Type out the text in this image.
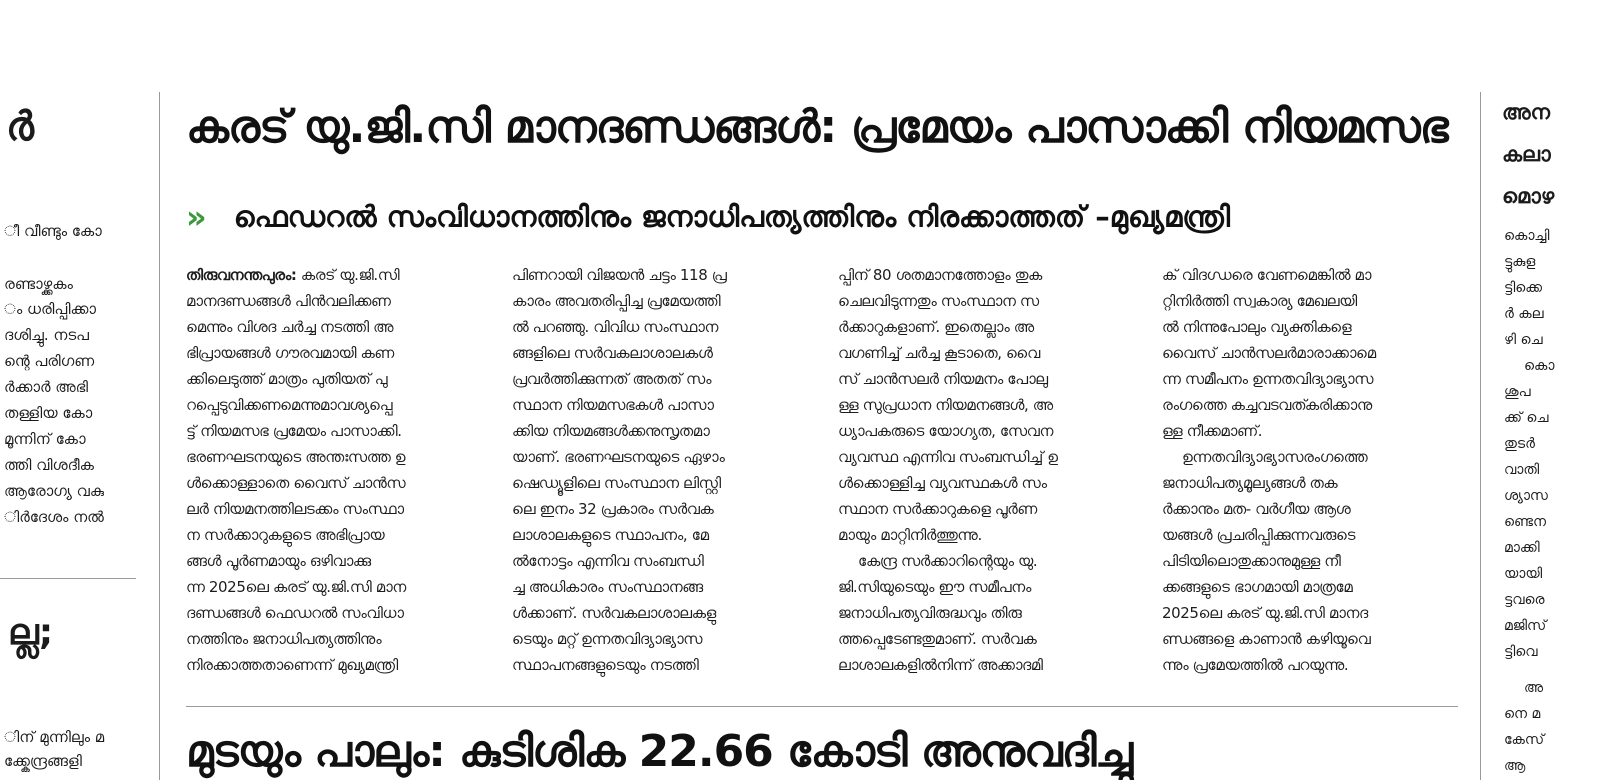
ർ
ീ വീണ്ടും കോ
രണ്ടാഴ്ക്കകം
ം ധരിപ്പിക്കാ
ദശിച്ചു. നടപ
ന്റെ പരിഗണ
ർക്കാർ അഭി
തള്ളിയ കോ
മൂന്നിന് കോ
ത്തി വിശദീക
ആരോഗ്യ വകു
ിർദേശം നൽ
ല്ല;
ിന് മുന്നിലും മ
ക്ക്കേന്ദ്രങ്ങളി
കരട് യു.ജി.സി മാനദണ്ഡങ്ങൾ: പ്രമേയം പാസാക്കി നിയമസഭ
» ഫെഡറൽ സംവിധാനത്തിനും ജനാധിപത്യത്തിനും നിരക്കാത്തത് –മുഖ്യമന്ത്രി
തിരുവനന്തപുരം: കരട് യു.ജി.സി
മാനദണ്ഡങ്ങൾ പിൻവലിക്കണ
മെന്നും വിശദ ചർച്ച നടത്തി അ
ഭിപ്രായങ്ങൾ ഗൗരവമായി കണ
ക്കിലെടുത്ത് മാത്രം പുതിയത് പു
റപ്പെടുവിക്കണമെന്നുമാവശ്യപ്പെ
ട്ട് നിയമസഭ പ്രമേയം പാസാക്കി.
ഭരണഘടനയുടെ അന്തഃസത്ത ഉ
ൾക്കൊള്ളാതെ വൈസ് ചാൻസ
ലർ നിയമനത്തിലടക്കം സംസ്ഥാ
ന സർക്കാറുകളുടെ അഭിപ്രായ
ങ്ങൾ പൂർണമായും ഒഴിവാക്കു
ന്ന 2025ലെ കരട് യു.ജി.സി മാന
ദണ്ഡങ്ങൾ ഫെഡറൽ സംവിധാ
നത്തിനും ജനാധിപത്യത്തിനും
നിരക്കാത്തതാണെന്ന് മുഖ്യമന്ത്രി
പിണറായി വിജയൻ ചട്ടം 118 പ്ര
കാരം അവതരിപ്പിച്ച പ്രമേയത്തി
ൽ പറഞ്ഞു. വിവിധ സംസ്ഥാന
ങ്ങളിലെ സർവകലാശാലകൾ
പ്രവർത്തിക്കുന്നത് അതത് സം
സ്ഥാന നിയമസഭകൾ പാസാ
ക്കിയ നിയമങ്ങൾക്കനുസൃതമാ
യാണ്. ഭരണഘടനയുടെ ഏഴാം
ഷെഡ്യൂളിലെ സംസ്ഥാന ലിസ്റ്റി
ലെ ഇനം 32 പ്രകാരം സർവക
ലാശാലകളുടെ സ്ഥാപനം, മേ
ൽനോട്ടം എന്നിവ സംബന്ധി
ച്ച അധികാരം സംസ്ഥാനങ്ങ
ൾക്കാണ്. സർവകലാശാലകളു
ടെയും മറ്റ് ഉന്നതവിദ്യാഭ്യാസ
സ്ഥാപനങ്ങളുടെയും നടത്തി
പ്പിന് 80 ശതമാനത്തോളം തുക
ചെലവിടുന്നതും സംസ്ഥാന സ
ർക്കാറുകളാണ്. ഇതെല്ലാം അ
വഗണിച്ച് ചർച്ച കൂടാതെ, വൈ
സ് ചാൻസലർ നിയമനം പോലു
ള്ള സുപ്രധാന നിയമനങ്ങൾ, അ
ധ്യാപകരുടെ യോഗ്യത, സേവന
വ്യവസ്ഥ എന്നിവ സംബന്ധിച്ച് ഉ
ൾക്കൊള്ളിച്ച വ്യവസ്ഥകൾ സം
സ്ഥാന സർക്കാറുകളെ പൂർണ
മായും മാറ്റിനിർത്തുന്നു.
കേന്ദ്ര സർക്കാറിന്റെയും യു.
ജി.സിയുടെയും ഈ സമീപനം
ജനാധിപത്യവിരുദ്ധവും തിരു
ത്തപ്പെടേണ്ടതുമാണ്. സർവക
ലാശാലകളിൽനിന്ന് അക്കാദമി
ക് വിദഗ്ധരെ വേണമെങ്കിൽ മാ
റ്റിനിർത്തി സ്വകാര്യ മേഖലയി
ൽ നിന്നുപോലും വ്യക്തികളെ
വൈസ് ചാൻസലർമാരാക്കാമെ
ന്ന സമീപനം ഉന്നതവിദ്യാഭ്യാസ
രംഗത്തെ കച്ചവടവത്കരിക്കാനു
ള്ള നീക്കമാണ്.
ഉന്നതവിദ്യാഭ്യാസരംഗത്തെ
ജനാധിപത്യമൂല്യങ്ങൾ തക
ർക്കാനും മത- വർഗീയ ആശ
യങ്ങൾ പ്രചരിപ്പിക്കുന്നവരുടെ
പിടിയിലൊതുക്കാനുമുള്ള നീ
ക്കങ്ങളുടെ ഭാഗമായി മാത്രമേ
2025ലെ കരട് യു.ജി.സി മാനദ
ണ്ഡങ്ങളെ കാണാൻ കഴിയൂവെ
ന്നും പ്രമേയത്തിൽ പറയുന്നു.
മുടയും പാലും: കുടിശിക 22.66 കോടി അനുവദിച്ചു
അന
കലാ
മൊഴ
കൊച്ചി
ട്ടുകുള
ട്ടിക്കെ
ർ കല
ഴി ചെ
കൊ
ശുപ
ക്ക് ചെ
തുടർ
വാതി
ശ്യാസ
ണ്ടെന
മാക്കി
യായി
ട്ടവരെ
മജിസ്
ട്ടിവെ
അ
നെ മ
കേസ്
ആ
